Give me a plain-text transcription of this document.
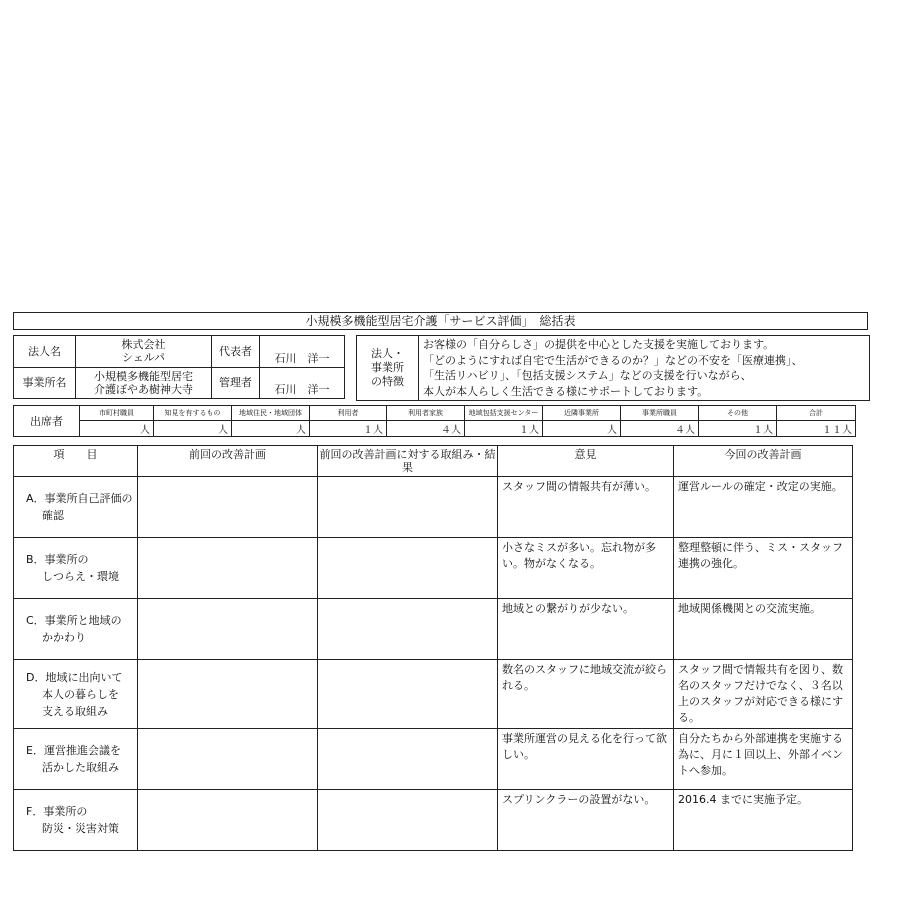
小規模多機能型居宅介護「サービス評価」　総括表
法人名	株式会社
シェルパ	代表者	石川　洋一
事業所名	小規模多機能型居宅
介護ぼやあ樹神大寺	管理者	石川　洋一
法人・
事業所
の特徴

お客様の「自分らしさ」の提供を中心とした支援を実施しております。
「どのようにすれば自宅で生活ができるのか？」などの不安を「医療連携」、
「生活リハビリ」、「包括支援システム」などの支援を行いながら、
本人が本人らしく生活できる様にサポートしております。
出席者	市町村職員	知見を有するもの	地域住民・地域団体	利用者	利用者家族	地域包括支援センター	近隣事業所	事業所職員	その他	合計
	人	人	人	１人	４人	１人	人	４人	１人	１１人
項　　目	前回の改善計画	前回の改善計画に対する取組み・結果	意見	今回の改善計画

A．事業所自己評価の
確認			スタッフ間の情報共有が薄い。	運営ルールの確定・改定の実施。

B．事業所の
しつらえ・環境			小さなミスが多い。忘れ物が多い。物がなくなる。	整理整頓に伴う、ミス・スタッフ連携の強化。

C．事業所と地域の
かかわり			地域との繋がりが少ない。	地域関係機関との交流実施。

D．地域に出向いて
本人の暮らしを
支える取組み			数名のスタッフに地域交流が絞られる。	スタッフ間で情報共有を図り、数名のスタッフだけでなく、３名以上のスタッフが対応できる様にする。

E．運営推進会議を
活かした取組み			事業所運営の見える化を行って欲しい。	自分たちから外部連携を実施する為に、月に１回以上、外部イベントへ参加。

F．事業所の
防災・災害対策			スプリンクラーの設置がない。	2016.4 までに実施予定。
